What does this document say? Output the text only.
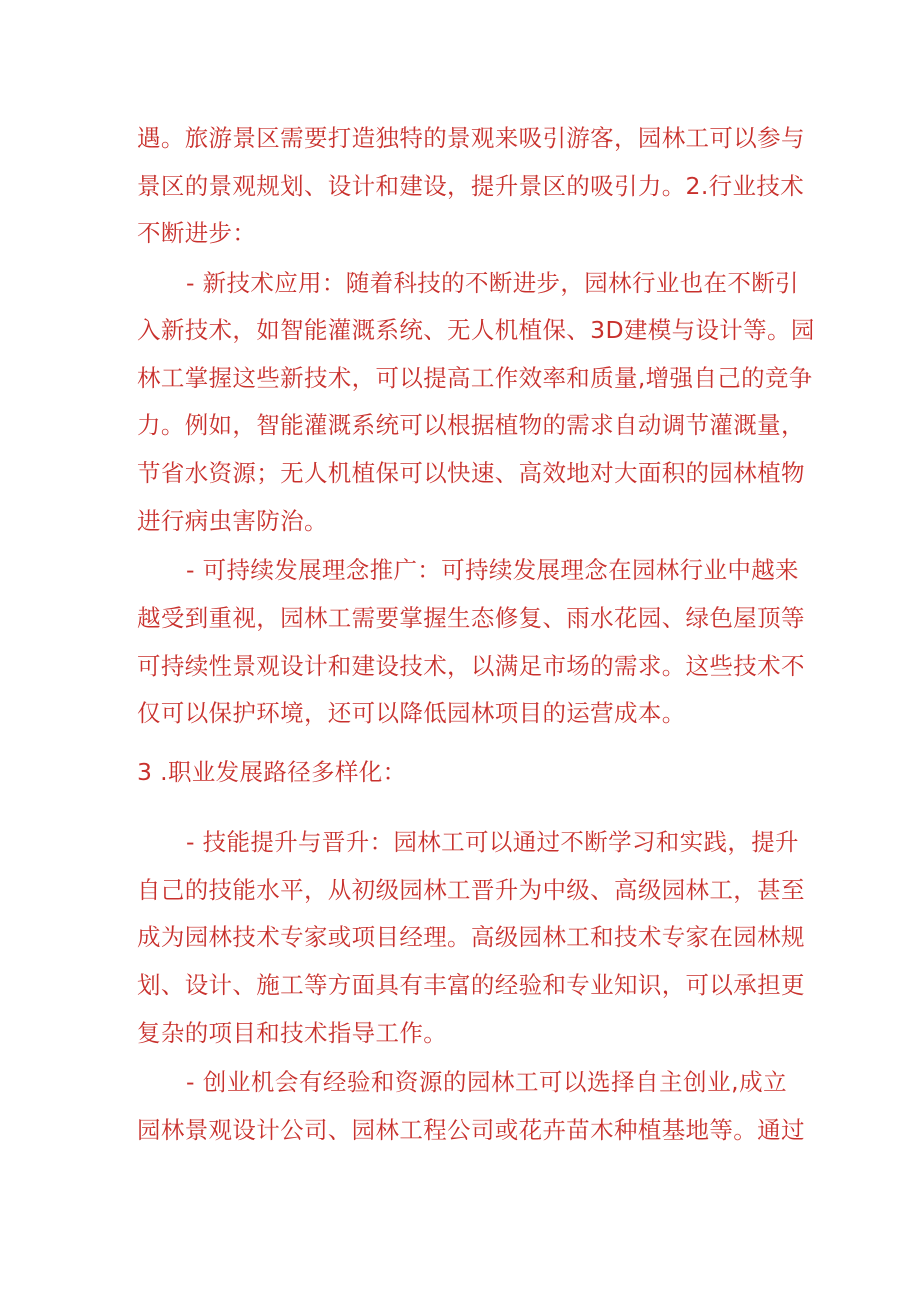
遇。旅游景区需要打造独特的景观来吸引游客，园林工可以参与
景区的景观规划、设计和建设，提升景区的吸引力。2.行业技术
不断进步：
- 新技术应用：随着科技的不断进步，园林行业也在不断引
入新技术，如智能灌溉系统、无人机植保、3D建模与设计等。园
林工掌握这些新技术，可以提高工作效率和质量,增强自己的竞争
力。例如，智能灌溉系统可以根据植物的需求自动调节灌溉量，
节省水资源；无人机植保可以快速、高效地对大面积的园林植物
进行病虫害防治。
- 可持续发展理念推广：可持续发展理念在园林行业中越来
越受到重视，园林工需要掌握生态修复、雨水花园、绿色屋顶等
可持续性景观设计和建设技术，以满足市场的需求。这些技术不
仅可以保护环境，还可以降低园林项目的运营成本。
3 .职业发展路径多样化：
- 技能提升与晋升：园林工可以通过不断学习和实践，提升
自己的技能水平，从初级园林工晋升为中级、高级园林工，甚至
成为园林技术专家或项目经理。高级园林工和技术专家在园林规
划、设计、施工等方面具有丰富的经验和专业知识，可以承担更
复杂的项目和技术指导工作。
- 创业机会有经验和资源的园林工可以选择自主创业,成立
园林景观设计公司、园林工程公司或花卉苗木种植基地等。通过
